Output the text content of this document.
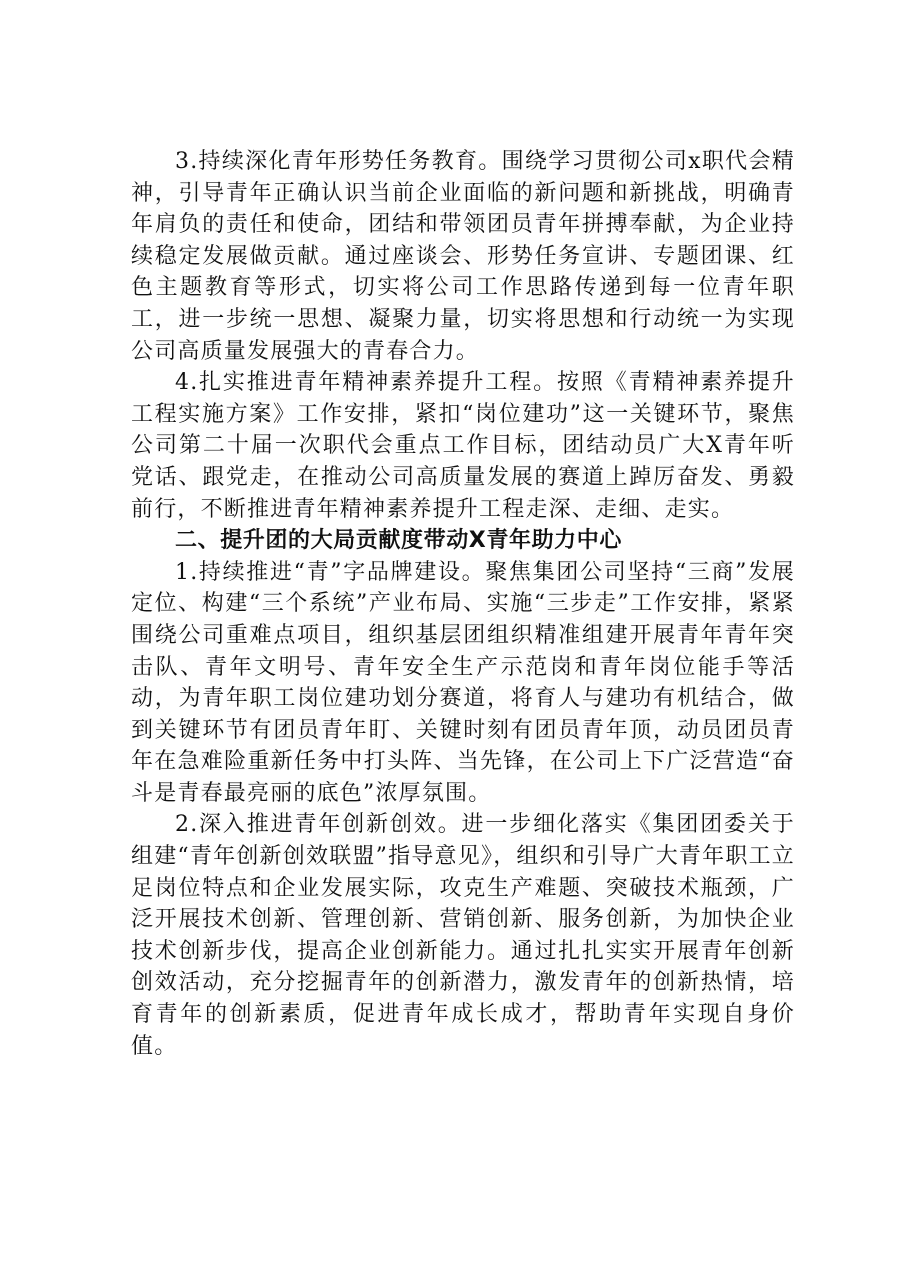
3.持续深化青年形势任务教育。围绕学习贯彻公司x职代会精神，引导青年正确认识当前企业面临的新问题和新挑战，明确青年肩负的责任和使命，团结和带领团员青年拼搏奉献，为企业持续稳定发展做贡献。通过座谈会、形势任务宣讲、专题团课、红色主题教育等形式，切实将公司工作思路传递到每一位青年职工，进一步统一思想、凝聚力量，切实将思想和行动统一为实现公司高质量发展强大的青春合力。

4.扎实推进青年精神素养提升工程。按照《青精神素养提升工程实施方案》工作安排，紧扣“岗位建功”这一关键环节，聚焦公司第二十届一次职代会重点工作目标，团结动员广大X青年听党话、跟党走，在推动公司高质量发展的赛道上踔厉奋发、勇毅前行，不断推进青年精神素养提升工程走深、走细、走实。

二、提升团的大局贡献度带动Ⅹ青年助力中心

1.持续推进“青”字品牌建设。聚焦集团公司坚持“三商”发展定位、构建“三个系统”产业布局、实施“三步走”工作安排，紧紧围绕公司重难点项目，组织基层团组织精准组建开展青年青年突击队、青年文明号、青年安全生产示范岗和青年岗位能手等活动，为青年职工岗位建功划分赛道，将育人与建功有机结合，做到关键环节有团员青年盯、关键时刻有团员青年顶，动员团员青年在急难险重新任务中打头阵、当先锋，在公司上下广泛营造“奋斗是青春最亮丽的底色”浓厚氛围。

2.深入推进青年创新创效。进一步细化落实《集团团委关于组建“青年创新创效联盟”指导意见》，组织和引导广大青年职工立足岗位特点和企业发展实际，攻克生产难题、突破技术瓶颈，广泛开展技术创新、管理创新、营销创新、服务创新，为加快企业技术创新步伐，提高企业创新能力。通过扎扎实实开展青年创新创效活动，充分挖掘青年的创新潜力，激发青年的创新热情，培育青年的创新素质，促进青年成长成才，帮助青年实现自身价值。
